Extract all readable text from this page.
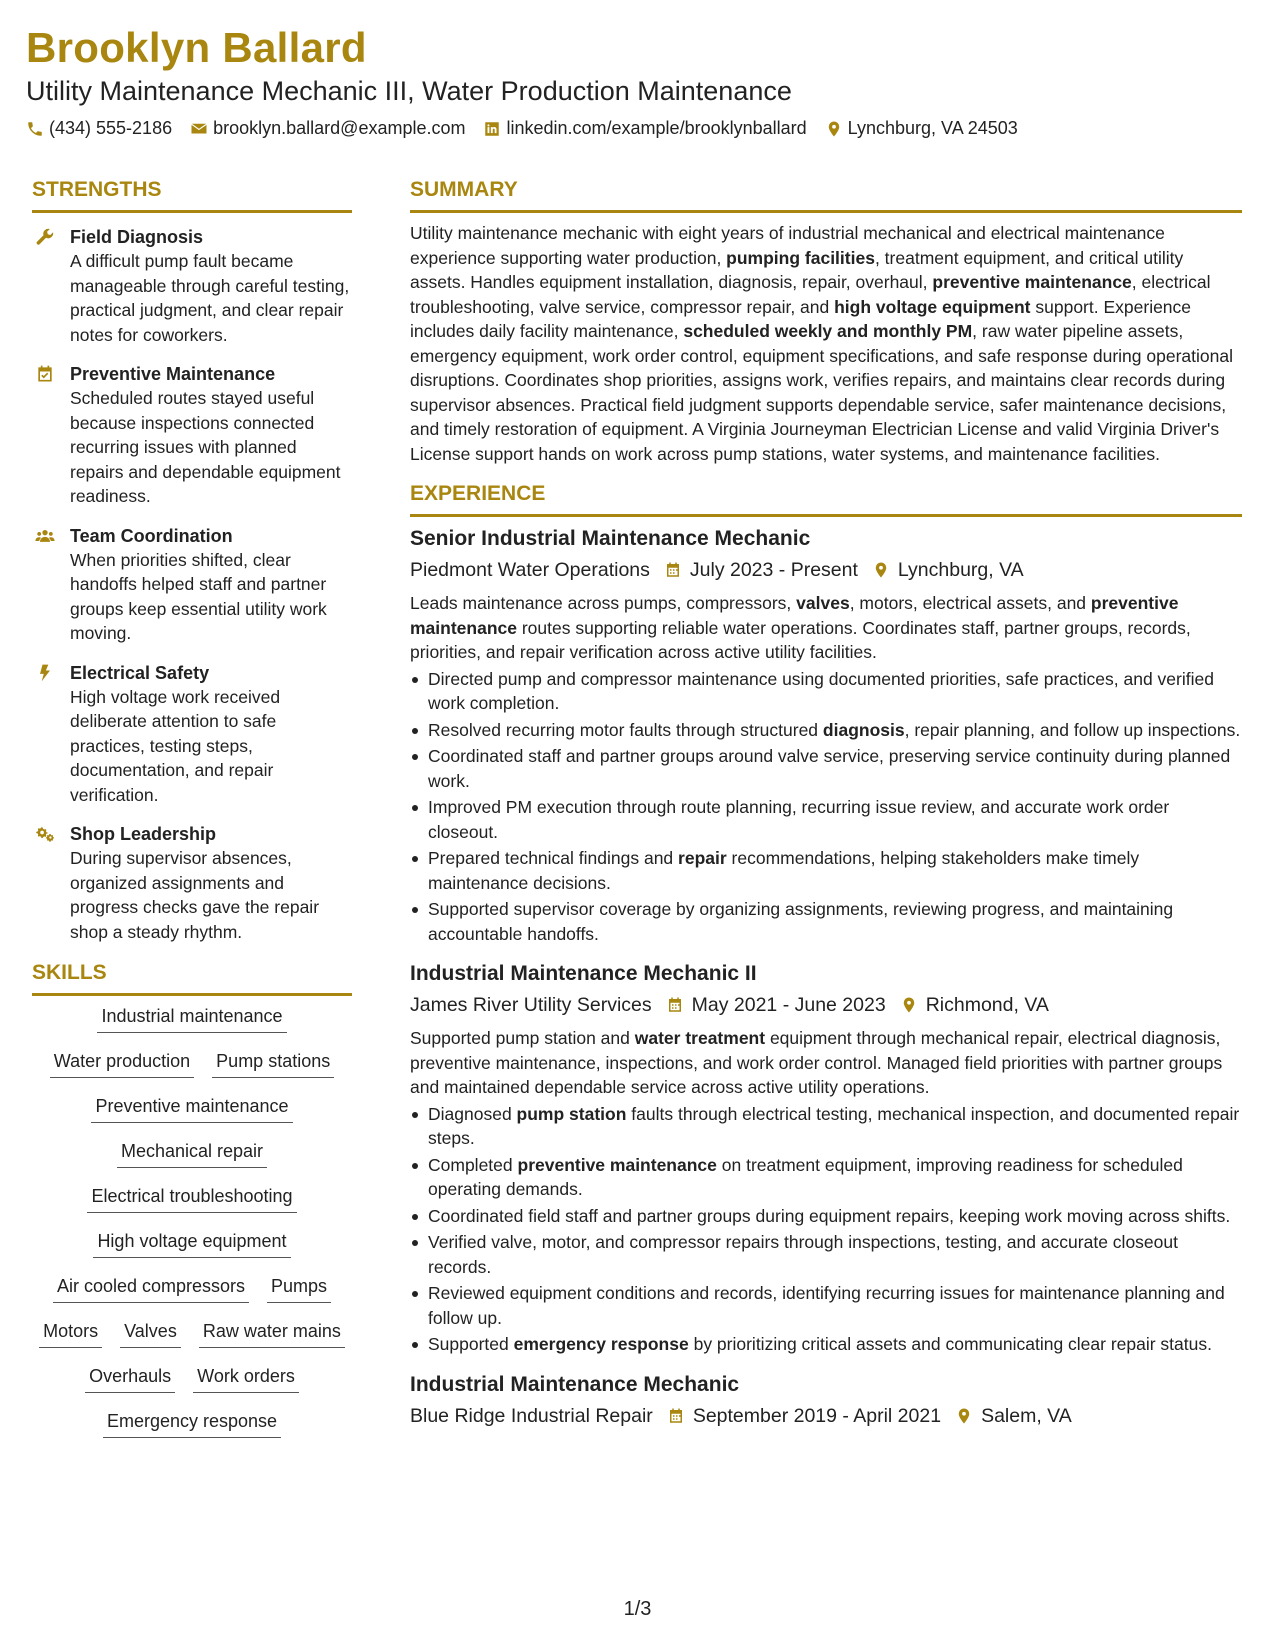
Brooklyn Ballard
Utility Maintenance Mechanic III, Water Production Maintenance
(434) 555-2186 brooklyn.ballard@example.com linkedin.com/example/brooklynballard Lynchburg, VA 24503
STRENGTHS
Field Diagnosis
A difficult pump fault became manageable through careful testing, practical judgment, and clear repair notes for coworkers.
Preventive Maintenance
Scheduled routes stayed useful because inspections connected recurring issues with planned repairs and dependable equipment readiness.
Team Coordination
When priorities shifted, clear handoffs helped staff and partner groups keep essential utility work moving.
Electrical Safety
High voltage work received deliberate attention to safe practices, testing steps, documentation, and repair verification.
Shop Leadership
During supervisor absences, organized assignments and progress checks gave the repair shop a steady rhythm.
SKILLS
Industrial maintenance
Water production Pump stations
Preventive maintenance
Mechanical repair
Electrical troubleshooting
High voltage equipment
Air cooled compressors Pumps
Motors Valves Raw water mains
Overhauls Work orders
Emergency response
SUMMARY

Utility maintenance mechanic with eight years of industrial mechanical and electrical maintenance experience supporting water production, pumping facilities, treatment equipment, and critical utility assets. Handles equipment installation, diagnosis, repair, overhaul, preventive maintenance, electrical troubleshooting, valve service, compressor repair, and high voltage equipment support. Experience includes daily facility maintenance, scheduled weekly and monthly PM, raw water pipeline assets, emergency equipment, work order control, equipment specifications, and safe response during operational disruptions. Coordinates shop priorities, assigns work, verifies repairs, and maintains clear records during supervisor absences. Practical field judgment supports dependable service, safer maintenance decisions, and timely restoration of equipment. A Virginia Journeyman Electrician License and valid Virginia Driver's License support hands on work across pump stations, water systems, and maintenance facilities.

EXPERIENCE
Senior Industrial Maintenance Mechanic
Piedmont Water Operations July 2023 - Present Lynchburg, VA
Leads maintenance across pumps, compressors, valves, motors, electrical assets, and preventive maintenance routes supporting reliable water operations. Coordinates staff, partner groups, records, priorities, and repair verification across active utility facilities.
Directed pump and compressor maintenance using documented priorities, safe practices, and verified work completion.
Resolved recurring motor faults through structured diagnosis, repair planning, and follow up inspections.
Coordinated staff and partner groups around valve service, preserving service continuity during planned work.
Improved PM execution through route planning, recurring issue review, and accurate work order closeout.
Prepared technical findings and repair recommendations, helping stakeholders make timely maintenance decisions.
Supported supervisor coverage by organizing assignments, reviewing progress, and maintaining accountable handoffs.
Industrial Maintenance Mechanic II
James River Utility Services May 2021 - June 2023 Richmond, VA
Supported pump station and water treatment equipment through mechanical repair, electrical diagnosis, preventive maintenance, inspections, and work order control. Managed field priorities with partner groups and maintained dependable service across active utility operations.
Diagnosed pump station faults through electrical testing, mechanical inspection, and documented repair steps.
Completed preventive maintenance on treatment equipment, improving readiness for scheduled operating demands.
Coordinated field staff and partner groups during equipment repairs, keeping work moving across shifts.
Verified valve, motor, and compressor repairs through inspections, testing, and accurate closeout records.
Reviewed equipment conditions and records, identifying recurring issues for maintenance planning and follow up.
Supported emergency response by prioritizing critical assets and communicating clear repair status.
Industrial Maintenance Mechanic
Blue Ridge Industrial Repair September 2019 - April 2021 Salem, VA
1/3
